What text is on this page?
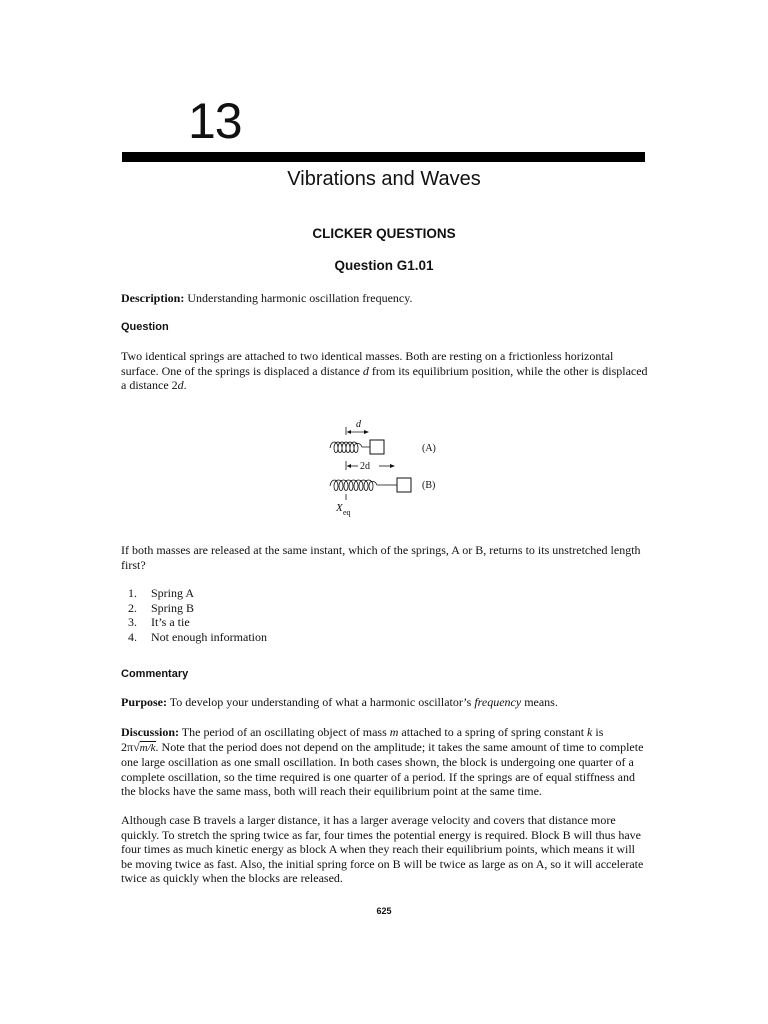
13
Vibrations and Waves
CLICKER QUESTIONS
Question G1.01
Description: Understanding harmonic oscillation frequency.
Question
Two identical springs are attached to two identical masses. Both are resting on a frictionless horizontal surface. One of the springs is displaced a distance d from its equilibrium position, while the other is displaced a distance 2d.
d
(A)
2d
(B)
X eq
If both masses are released at the same instant, which of the springs, A or B, returns to its unstretched length first?
1. Spring A
2. Spring B
3. It’s a tie
4. Not enough information
Commentary
Purpose: To develop your understanding of what a harmonic oscillator’s frequency means.
Discussion: The period of an oscillating object of mass m attached to a spring of spring constant k is
2π√m/k. Note that the period does not depend on the amplitude; it takes the same amount of time to complete one large oscillation as one small oscillation. In both cases shown, the block is undergoing one quarter of a complete oscillation, so the time required is one quarter of a period. If the springs are of equal stiffness and the blocks have the same mass, both will reach their equilibrium point at the same time.
Although case B travels a larger distance, it has a larger average velocity and covers that distance more quickly. To stretch the spring twice as far, four times the potential energy is required. Block B will thus have four times as much kinetic energy as block A when they reach their equilibrium points, which means it will be moving twice as fast. Also, the initial spring force on B will be twice as large as on A, so it will accelerate twice as quickly when the blocks are released.
625
